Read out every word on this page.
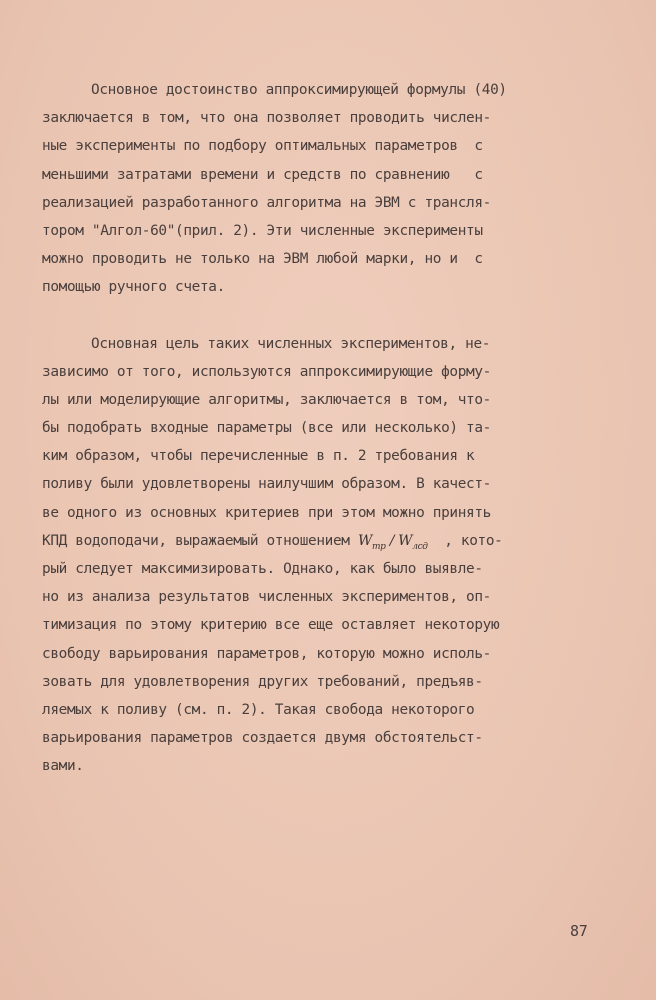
Основное достоинство аппроксимирующей формулы (40)
заключается в том, что она позволяет проводить числен-
ные эксперименты по подбору оптимальных параметров  с
меньшими затратами времени и средств по сравнению   с
реализацией разработанного алгоритма на ЭВМ с трансля-
тором "Алгол-60"(прил. 2). Эти численные эксперименты
можно проводить не только на ЭВМ любой марки, но и  с
помощью ручного счета.
Основная цель таких численных экспериментов, не-
зависимо от того, используются аппроксимирующие форму-
лы или моделирующие алгоритмы, заключается в том, что-
бы подобрать входные параметры (все или несколько) та-
ким образом, чтобы перечисленные в п. 2 требования к
поливу были удовлетворены наилучшим образом. В качест-
ве одного из основных критериев при этом можно принять
КПД водоподачи, выражаемый отношением $W_{тр} / W_{лсд}$  , кото-
рый следует максимизировать. Однако, как было выявле-
но из анализа результатов численных экспериментов, оп-
тимизация по этому критерию все еще оставляет некоторую
свободу варьирования параметров, которую можно исполь-
зовать для удовлетворения других требований, предъяв-
ляемых к поливу (см. п. 2). Такая свобода некоторого
варьирования параметров создается двумя обстоятельст-
вами.
87
